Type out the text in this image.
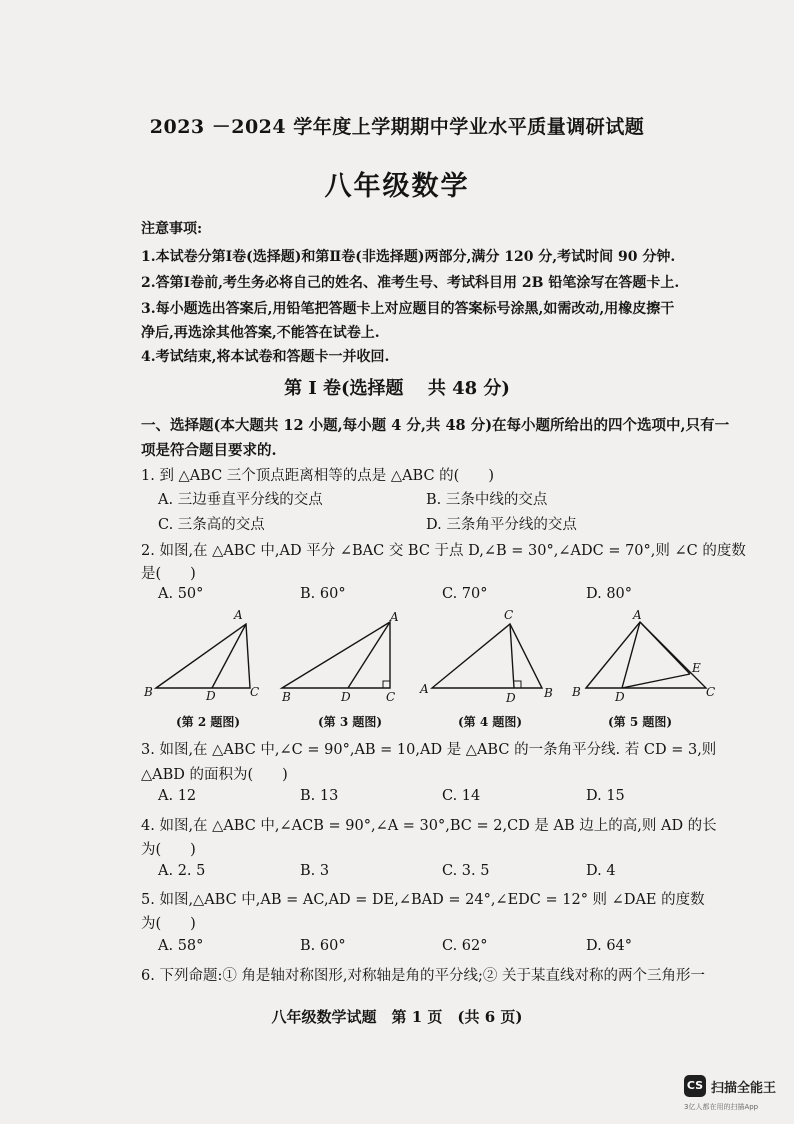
2023 －2024 学年度上学期期中学业水平质量调研试题
八年级数学
注意事项:
1.本试卷分第Ⅰ卷(选择题)和第Ⅱ卷(非选择题)两部分,满分 120 分,考试时间 90 分钟.
2.答第Ⅰ卷前,考生务必将自己的姓名、准考生号、考试科目用 2B 铅笔涂写在答题卡上.
3.每小题选出答案后,用铅笔把答题卡上对应题目的答案标号涂黑,如需改动,用橡皮擦干
净后,再选涂其他答案,不能答在试卷上.
4.考试结束,将本试卷和答题卡一并收回.
第 Ⅰ 卷(选择题　 共 48 分)
一、选择题(本大题共 12 小题,每小题 4 分,共 48 分)在每小题所给出的四个选项中,只有一
项是符合题目要求的.
1. 到 △ABC 三个顶点距离相等的点是 △ABC 的(　　)
A. 三边垂直平分线的交点	B. 三条中线的交点
C. 三条高的交点	D. 三条角平分线的交点
2. 如图,在 △ABC 中,AD 平分 ∠BAC 交 BC 于点 D,∠B = 30°,∠ADC = 70°,则 ∠C 的度数
是(　　)
A. 50°	B. 60°	C. 70°	D. 80°
A
B	D	C
A
B	D	C
C
A
D B
A
E
B	D	C
(第 2 题图)	(第 3 题图)	(第 4 题图)	(第 5 题图)
3. 如图,在 △ABC 中,∠C = 90°,AB = 10,AD 是 △ABC 的一条角平分线. 若 CD = 3,则
△ABD 的面积为(　　)
A. 12	B. 13	C. 14	D. 15
4. 如图,在 △ABC 中,∠ACB = 90°,∠A = 30°,BC = 2,CD 是 AB 边上的高,则 AD 的长
为(　　)
A. 2. 5	B. 3	C. 3. 5	D. 4
5. 如图,△ABC 中,AB = AC,AD = DE,∠BAD = 24°,∠EDC = 12° 则 ∠DAE 的度数
为(　　)
A. 58°	B. 60°	C. 62°	D. 64°
6. 下列命题:① 角是轴对称图形,对称轴是角的平分线;② 关于某直线对称的两个三角形一
八年级数学试题　第 1 页　(共 6 页)
CS 扫描全能王
3亿人都在用的扫描App
